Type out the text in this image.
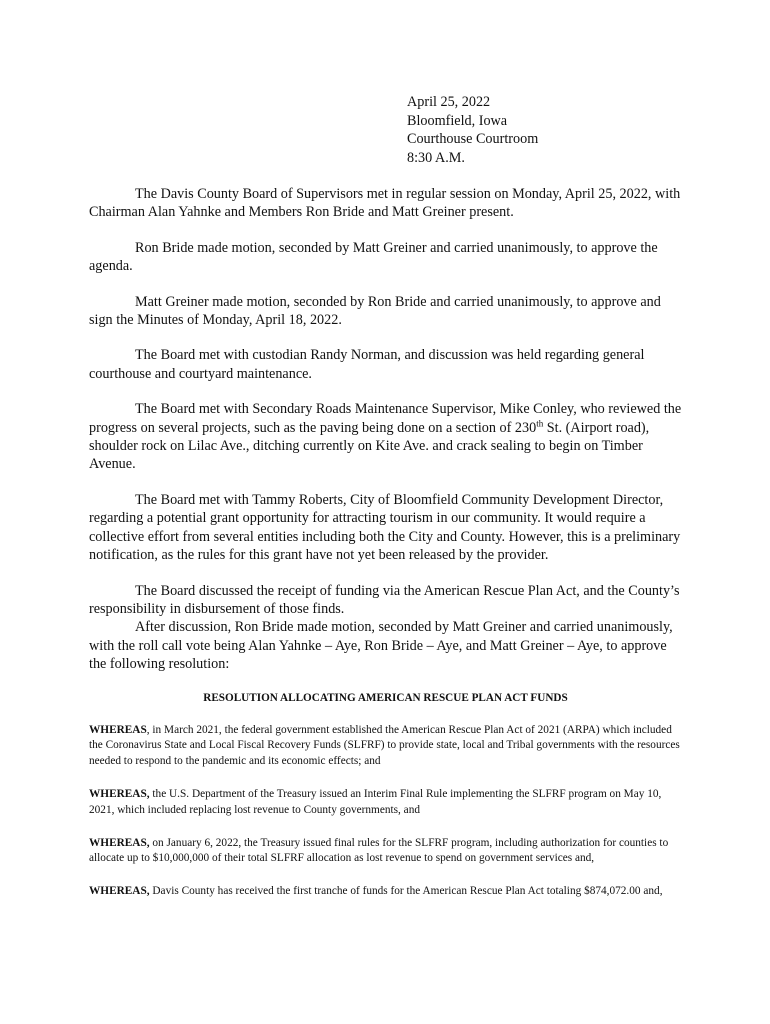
April 25, 2022
Bloomfield, Iowa
Courthouse Courtroom
8:30 A.M.

The Davis County Board of Supervisors met in regular session on Monday, April 25, 2022, with Chairman Alan Yahnke and Members Ron Bride and Matt Greiner present.

Ron Bride made motion, seconded by Matt Greiner and carried unanimously, to approve the agenda.

Matt Greiner made motion, seconded by Ron Bride and carried unanimously, to approve and sign the Minutes of Monday, April 18, 2022.

The Board met with custodian Randy Norman, and discussion was held regarding general courthouse and courtyard maintenance.

The Board met with Secondary Roads Maintenance Supervisor, Mike Conley, who reviewed the progress on several projects, such as the paving being done on a section of 230th St. (Airport road), shoulder rock on Lilac Ave., ditching currently on Kite Ave. and crack sealing to begin on Timber Avenue.

The Board met with Tammy Roberts, City of Bloomfield Community Development Director, regarding a potential grant opportunity for attracting tourism in our community. It would require a collective effort from several entities including both the City and County. However, this is a preliminary notification, as the rules for this grant have not yet been released by the provider.

The Board discussed the receipt of funding via the American Rescue Plan Act, and the County’s responsibility in disbursement of those finds.

After discussion, Ron Bride made motion, seconded by Matt Greiner and carried unanimously, with the roll call vote being Alan Yahnke – Aye, Ron Bride – Aye, and Matt Greiner – Aye, to approve the following resolution:

RESOLUTION ALLOCATING AMERICAN RESCUE PLAN ACT FUNDS

WHEREAS, in March 2021, the federal government established the American Rescue Plan Act of 2021 (ARPA) which included the Coronavirus State and Local Fiscal Recovery Funds (SLFRF) to provide state, local and Tribal governments with the resources needed to respond to the pandemic and its economic effects; and

WHEREAS, the U.S. Department of the Treasury issued an Interim Final Rule implementing the SLFRF program on May 10, 2021, which included replacing lost revenue to County governments, and

WHEREAS, on January 6, 2022, the Treasury issued final rules for the SLFRF program, including authorization for counties to allocate up to $10,000,000 of their total SLFRF allocation as lost revenue to spend on government services and,

WHEREAS, Davis County has received the first tranche of funds for the American Rescue Plan Act totaling $874,072.00 and,
